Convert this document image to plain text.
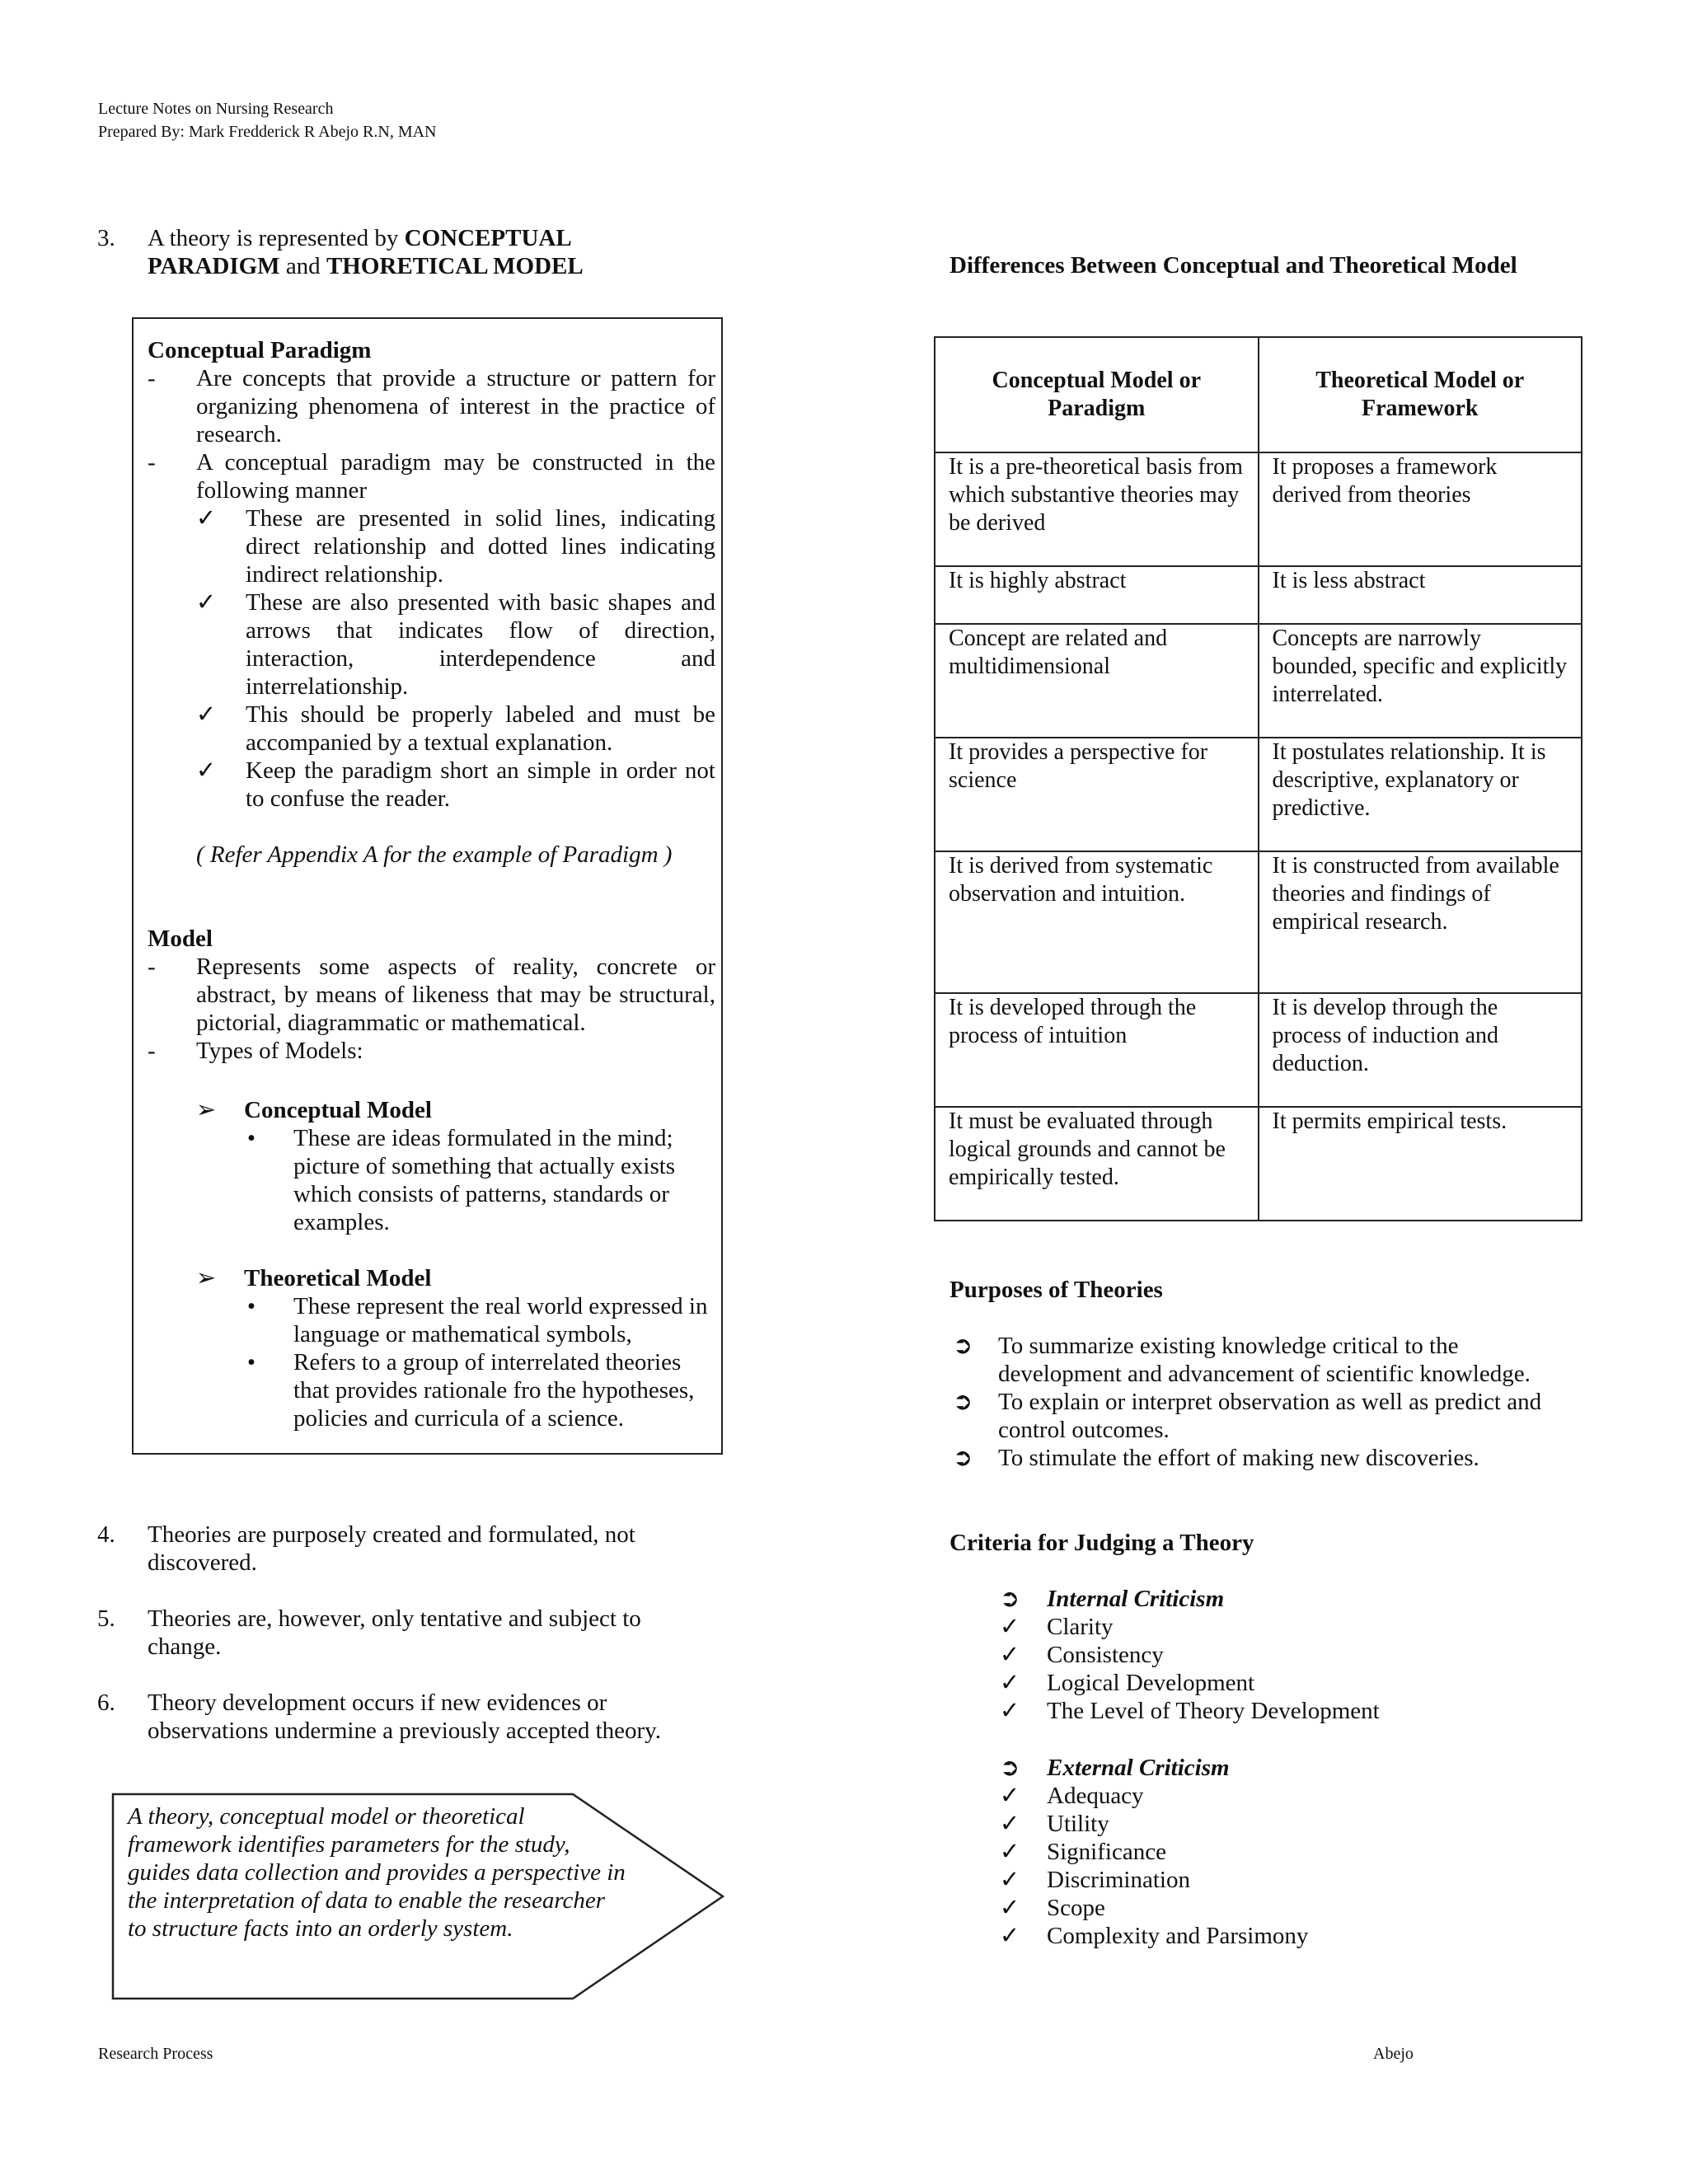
Lecture Notes on Nursing Research
Prepared By: Mark Fredderick R Abejo R.N, MAN
3.	A theory is represented by CONCEPTUAL PARADIGM and THORETICAL MODEL
Conceptual Paradigm
-	Are concepts that provide a structure or pattern for organizing phenomena of interest in the practice of research.
-	A conceptual paradigm may be constructed in the following manner
✓ These are presented in solid lines, indicating direct relationship and dotted lines indicating indirect relationship.
✓ These are also presented with basic shapes and arrows that indicates flow of direction, interaction, interdependence and interrelationship.
✓ This should be properly labeled and must be accompanied by a textual explanation.
✓ Keep the paradigm short an simple in order not to confuse the reader.
( Refer Appendix A for the example of Paradigm )
Model
-	Represents some aspects of reality, concrete or abstract, by means of likeness that may be structural, pictorial, diagrammatic or mathematical.
-	Types of Models:
➢ Conceptual Model
•	These are ideas formulated in the mind; picture of something that actually exists which consists of patterns, standards or examples.
➢ Theoretical Model
•	These represent the real world expressed in language or mathematical symbols,
•	Refers to a group of interrelated theories that provides rationale fro the hypotheses, policies and curricula of a science.
4.	Theories are purposely created and formulated, not discovered.
5.	Theories are, however, only tentative and subject to change.
6.	Theory development occurs if new evidences or observations undermine a previously accepted theory.
A theory, conceptual model or theoretical framework identifies parameters for the study, guides data collection and provides a perspective in the interpretation of data to enable the researcher to structure facts into an orderly system.
Differences Between Conceptual and Theoretical Model
Conceptual Model or Paradigm	Theoretical Model or Framework
It is a pre-theoretical basis from which substantive theories may be derived	It proposes a framework derived from theories
It is highly abstract	It is less abstract
Concept are related and multidimensional	Concepts are narrowly bounded, specific and explicitly interrelated.
It provides a perspective for science	It postulates relationship. It is descriptive, explanatory or predictive.
It is derived from systematic observation and intuition.	It is constructed from available theories and findings of empirical research.
It is developed through the process of intuition	It is develop through the process of induction and deduction.
It must be evaluated through logical grounds and cannot be empirically tested.	It permits empirical tests.
Purposes of Theories
➲ To summarize existing knowledge critical to the development and advancement of scientific knowledge.
➲ To explain or interpret observation as well as predict and control outcomes.
➲ To stimulate the effort of making new discoveries.
Criteria for Judging a Theory
➲ Internal Criticism
✓ Clarity
✓ Consistency
✓ Logical Development
✓ The Level of Theory Development
➲ External Criticism
✓ Adequacy
✓ Utility
✓ Significance
✓ Discrimination
✓ Scope
✓ Complexity and Parsimony
Research Process	Abejo
